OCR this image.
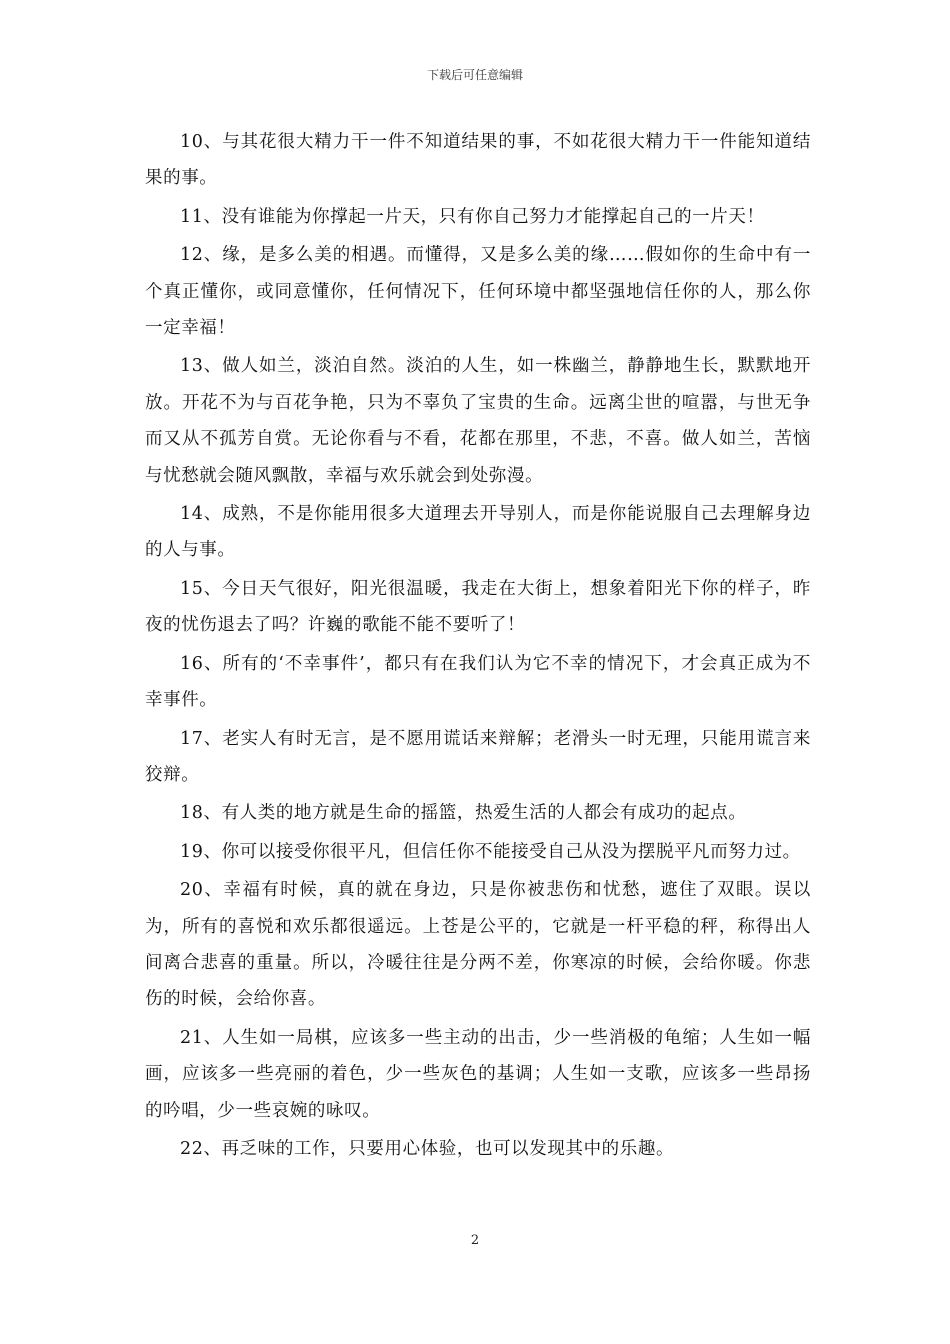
下载后可任意编辑

10、与其花很大精力干一件不知道结果的事，不如花很大精力干一件能知道结果的事。

11、没有谁能为你撑起一片天，只有你自己努力才能撑起自己的一片天！

12、缘，是多么美的相遇。而懂得，又是多么美的缘……假如你的生命中有一个真正懂你，或同意懂你，任何情况下，任何环境中都坚强地信任你的人，那么你一定幸福！

13、做人如兰，淡泊自然。淡泊的人生，如一株幽兰，静静地生长，默默地开放。开花不为与百花争艳，只为不辜负了宝贵的生命。远离尘世的喧嚣，与世无争而又从不孤芳自赏。无论你看与不看，花都在那里，不悲，不喜。做人如兰，苦恼与忧愁就会随风飘散，幸福与欢乐就会到处弥漫。

14、成熟，不是你能用很多大道理去开导别人，而是你能说服自己去理解身边的人与事。

15、今日天气很好，阳光很温暖，我走在大街上，想象着阳光下你的样子，昨夜的忧伤退去了吗？许巍的歌能不能不要听了！

16、所有的‘不幸事件’，都只有在我们认为它不幸的情况下，才会真正成为不幸事件。

17、老实人有时无言，是不愿用谎话来辩解；老滑头一时无理，只能用谎言来狡辩。

18、有人类的地方就是生命的摇篮，热爱生活的人都会有成功的起点。

19、你可以接受你很平凡，但信任你不能接受自己从没为摆脱平凡而努力过。

20、幸福有时候，真的就在身边，只是你被悲伤和忧愁，遮住了双眼。误以为，所有的喜悦和欢乐都很遥远。上苍是公平的，它就是一杆平稳的秤，称得出人间离合悲喜的重量。所以，冷暖往往是分两不差，你寒凉的时候，会给你暖。你悲伤的时候，会给你喜。

21、人生如一局棋，应该多一些主动的出击，少一些消极的龟缩；人生如一幅画，应该多一些亮丽的着色，少一些灰色的基调；人生如一支歌，应该多一些昂扬的吟唱，少一些哀婉的咏叹。

22、再乏味的工作，只要用心体验，也可以发现其中的乐趣。

2
